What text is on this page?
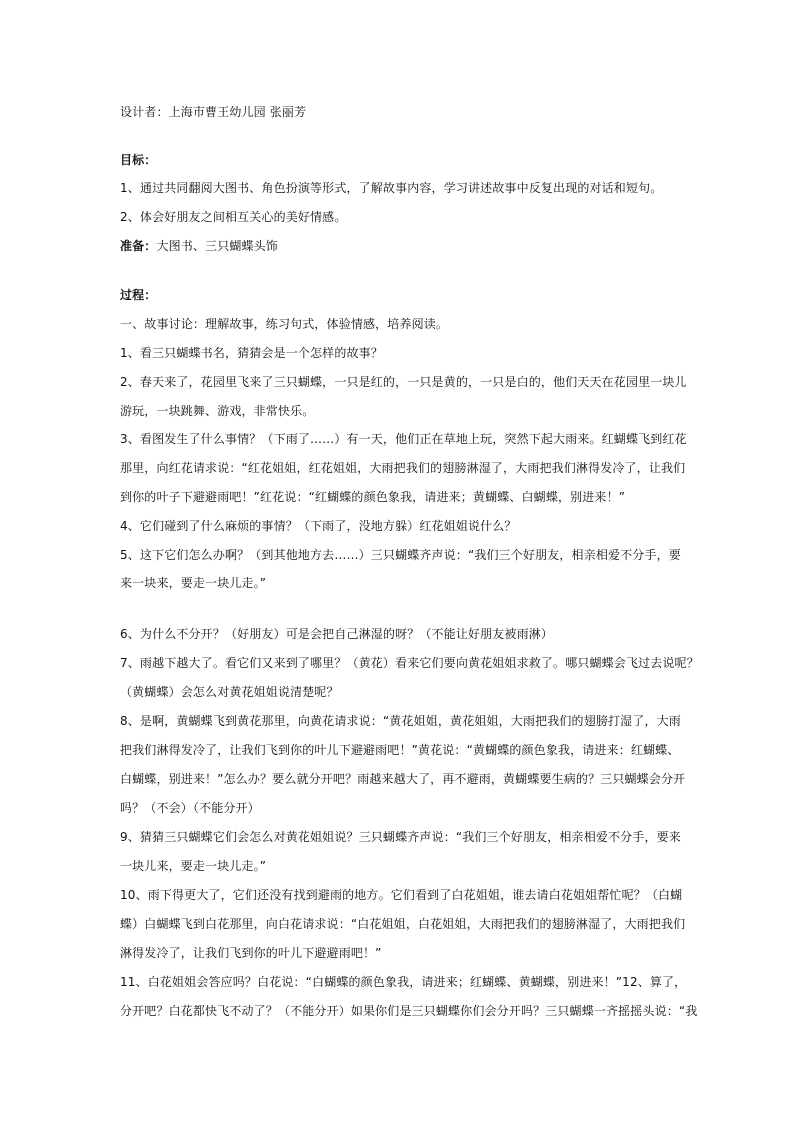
设计者：上海市曹王幼儿园 张丽芳
目标：
1、通过共同翻阅大图书、角色扮演等形式，了解故事内容，学习讲述故事中反复出现的对话和短句。
2、体会好朋友之间相互关心的美好情感。
准备：大图书、三只蝴蝶头饰
过程：
一、故事讨论：理解故事，练习句式，体验情感，培养阅读。
1、看三只蝴蝶书名，猜猜会是一个怎样的故事？
2、春天来了，花园里飞来了三只蝴蝶，一只是红的，一只是黄的，一只是白的，他们天天在花园里一块儿
游玩，一块跳舞、游戏，非常快乐。
3、看图发生了什么事情？（下雨了……）有一天，他们正在草地上玩，突然下起大雨来。红蝴蝶飞到红花
那里，向红花请求说：“红花姐姐，红花姐姐，大雨把我们的翅膀淋湿了，大雨把我们淋得发冷了，让我们
到你的叶子下避避雨吧！”红花说：“红蝴蝶的颜色象我，请进来；黄蝴蝶、白蝴蝶，别进来！”
4、它们碰到了什么麻烦的事情？（下雨了，没地方躲）红花姐姐说什么？
5、这下它们怎么办啊？（到其他地方去……）三只蝴蝶齐声说：“我们三个好朋友，相亲相爱不分手，要
来一块来，要走一块儿走。”
6、为什么不分开？（好朋友）可是会把自己淋湿的呀？（不能让好朋友被雨淋）
7、雨越下越大了。看它们又来到了哪里？（黄花）看来它们要向黄花姐姐求救了。哪只蝴蝶会飞过去说呢？
（黄蝴蝶）会怎么对黄花姐姐说清楚呢？
8、是啊，黄蝴蝶飞到黄花那里，向黄花请求说：“黄花姐姐，黄花姐姐，大雨把我们的翅膀打湿了，大雨
把我们淋得发冷了，让我们飞到你的叶儿下避避雨吧！”黄花说：“黄蝴蝶的颜色象我，请进来：红蝴蝶、
白蝴蝶，别进来！”怎么办？要么就分开吧？雨越来越大了，再不避雨，黄蝴蝶要生病的？三只蝴蝶会分开
吗？（不会）（不能分开）
9、猜猜三只蝴蝶它们会怎么对黄花姐姐说？三只蝴蝶齐声说：“我们三个好朋友，相亲相爱不分手，要来
一块儿来，要走一块儿走。”
10、雨下得更大了，它们还没有找到避雨的地方。它们看到了白花姐姐，谁去请白花姐姐帮忙呢？（白蝴
蝶）白蝴蝶飞到白花那里，向白花请求说：“白花姐姐，白花姐姐，大雨把我们的翅膀淋湿了，大雨把我们
淋得发冷了，让我们飞到你的叶儿下避避雨吧！”
11、白花姐姐会答应吗？白花说：“白蝴蝶的颜色象我，请进来；红蝴蝶、黄蝴蝶，别进来！”12、算了，
分开吧？白花都快飞不动了？（不能分开）如果你们是三只蝴蝶你们会分开吗？三只蝴蝶一齐摇摇头说：“我
